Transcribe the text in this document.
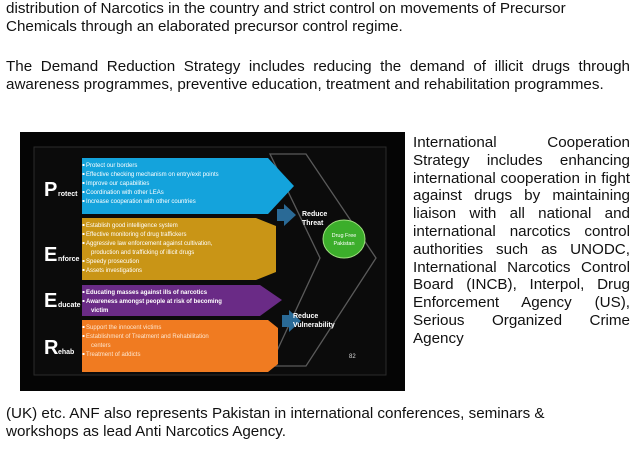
distribution of Narcotics in the country and strict control on movements of Precursor
Chemicals through an elaborated precursor control regime.

The Demand Reduction Strategy includes reducing the demand of illicit drugs through awareness programmes, preventive education, treatment and rehabilitation programmes.

P rotect
E nforce
E ducate
R ehab
Protect our borders
Effective checking mechanism on entry/exit points
Improve our capabilities
Coordination with other LEAs
Increase cooperation with other countries
Establish good intelligence system
Effective monitoring of drug traffickers
Aggressive law enforcement against cultivation,
production and trafficking of illicit drugs
Speedy prosecution
Assets investigations
Educating masses against ills of narcotics
Awareness amongst people at risk of becoming
victim
Support the innocent victims
Establishment of Treatment and Rehabilitation
centers
Treatment of addicts
Reduce
Threat
Reduce
Vulnerability
Drug Free
Pakistan
82

International Cooperation Strategy includes enhancing international cooperation in fight against drugs by maintaining liaison with all national and international narcotics control authorities such as UNODC, International Narcotics Control Board (INCB), Interpol, Drug Enforcement Agency (US), Serious Organized Crime Agency

(UK) etc. ANF also represents Pakistan in international conferences, seminars &
workshops as lead Anti Narcotics Agency.
